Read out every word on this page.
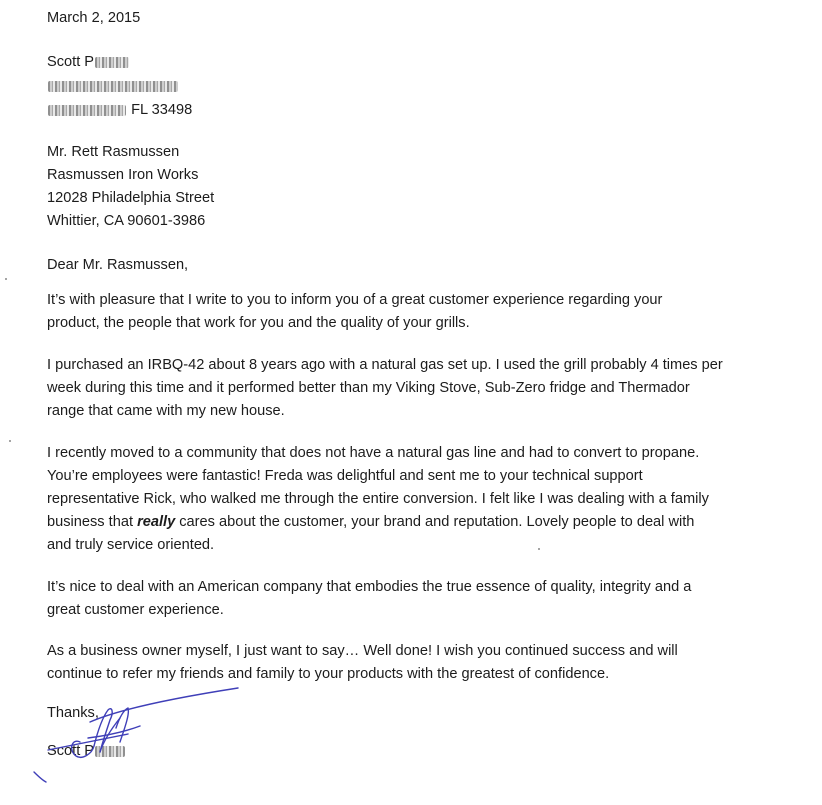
March 2, 2015
Scott P
FL 33498
Mr. Rett Rasmussen
Rasmussen Iron Works
12028 Philadelphia Street
Whittier, CA 90601-3986
Dear Mr. Rasmussen,
It’s with pleasure that I write to you to inform you of a great customer experience regarding your
product, the people that work for you and the quality of your grills.
I purchased an IRBQ-42 about 8 years ago with a natural gas set up. I used the grill probably 4 times per
week during this time and it performed better than my Viking Stove, Sub-Zero fridge and Thermador
range that came with my new house.
I recently moved to a community that does not have a natural gas line and had to convert to propane.
You’re employees were fantastic! Freda was delightful and sent me to your technical support
representative Rick, who walked me through the entire conversion. I felt like I was dealing with a family
business that really cares about the customer, your brand and reputation. Lovely people to deal with
and truly service oriented.
It’s nice to deal with an American company that embodies the true essence of quality, integrity and a
great customer experience.
As a business owner myself, I just want to say… Well done! I wish you continued success and will
continue to refer my friends and family to your products with the greatest of confidence.
Thanks,
Scott P
